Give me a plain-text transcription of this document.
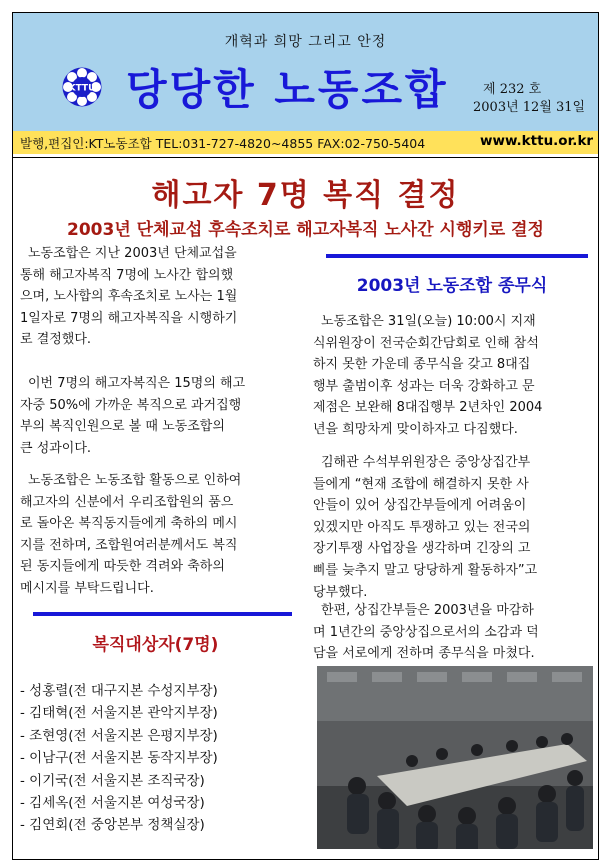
개혁과 희망 그리고 안정
KTTU 당당한 노동조합	제 232 호
2003년 12월 31일
발행,편집인:KT노동조합 TEL:031-727-4820~4855 FAX:02-750-5404	www.kttu.or.kr
해고자 7명 복직 결정
2003년 단체교섭 후속조치로 해고자복직 노사간 시행키로 결정
노동조합은 지난 2003년 단체교섭을
통해 해고자복직 7명에 노사간 합의했
으며, 노사합의 후속조치로 노사는 1월
1일자로 7명의 해고자복직을 시행하기
로 결정했다.
이번 7명의 해고자복직은 15명의 해고
자중 50%에 가까운 복직으로 과거집행
부의 복직인원으로 볼 때 노동조합의
큰 성과이다.
노동조합은 노동조합 활동으로 인하여
해고자의 신분에서 우리조합원의 품으
로 돌아온 복직동지들에게 축하의 메시
지를 전하며, 조합원여러분께서도 복직
된 동지들에게 따듯한 격려와 축하의
메시지를 부탁드립니다.
복직대상자(7명)
- 성홍렬(전 대구지본 수성지부장)
- 김태혁(전 서울지본 관악지부장)
- 조현영(전 서울지본 은평지부장)
- 이남구(전 서울지본 동작지부장)
- 이기국(전 서울지본 조직국장)
- 김세옥(전 서울지본 여성국장)
- 김연회(전 중앙본부 정책실장)
2003년 노동조합 종무식
노동조합은 31일(오늘) 10:00시 지재
식위원장이 전국순회간담회로 인해 참석
하지 못한 가운데 종무식을 갖고 8대집
행부 출범이후 성과는 더욱 강화하고 문
제점은 보완해 8대집행부 2년차인 2004
년을 희망차게 맞이하자고 다짐했다.
김해관 수석부위원장은 중앙상집간부
들에게 “현재 조합에 해결하지 못한 사
안들이 있어 상집간부들에게 어려움이
있겠지만 아직도 투쟁하고 있는 전국의
장기투쟁 사업장을 생각하며 긴장의 고
삐를 늦추지 말고 당당하게 활동하자”고
당부했다.
한편, 상집간부들은 2003년을 마감하
며 1년간의 중앙상집으로서의 소감과 덕
담을 서로에게 전하며 종무식을 마쳤다.
